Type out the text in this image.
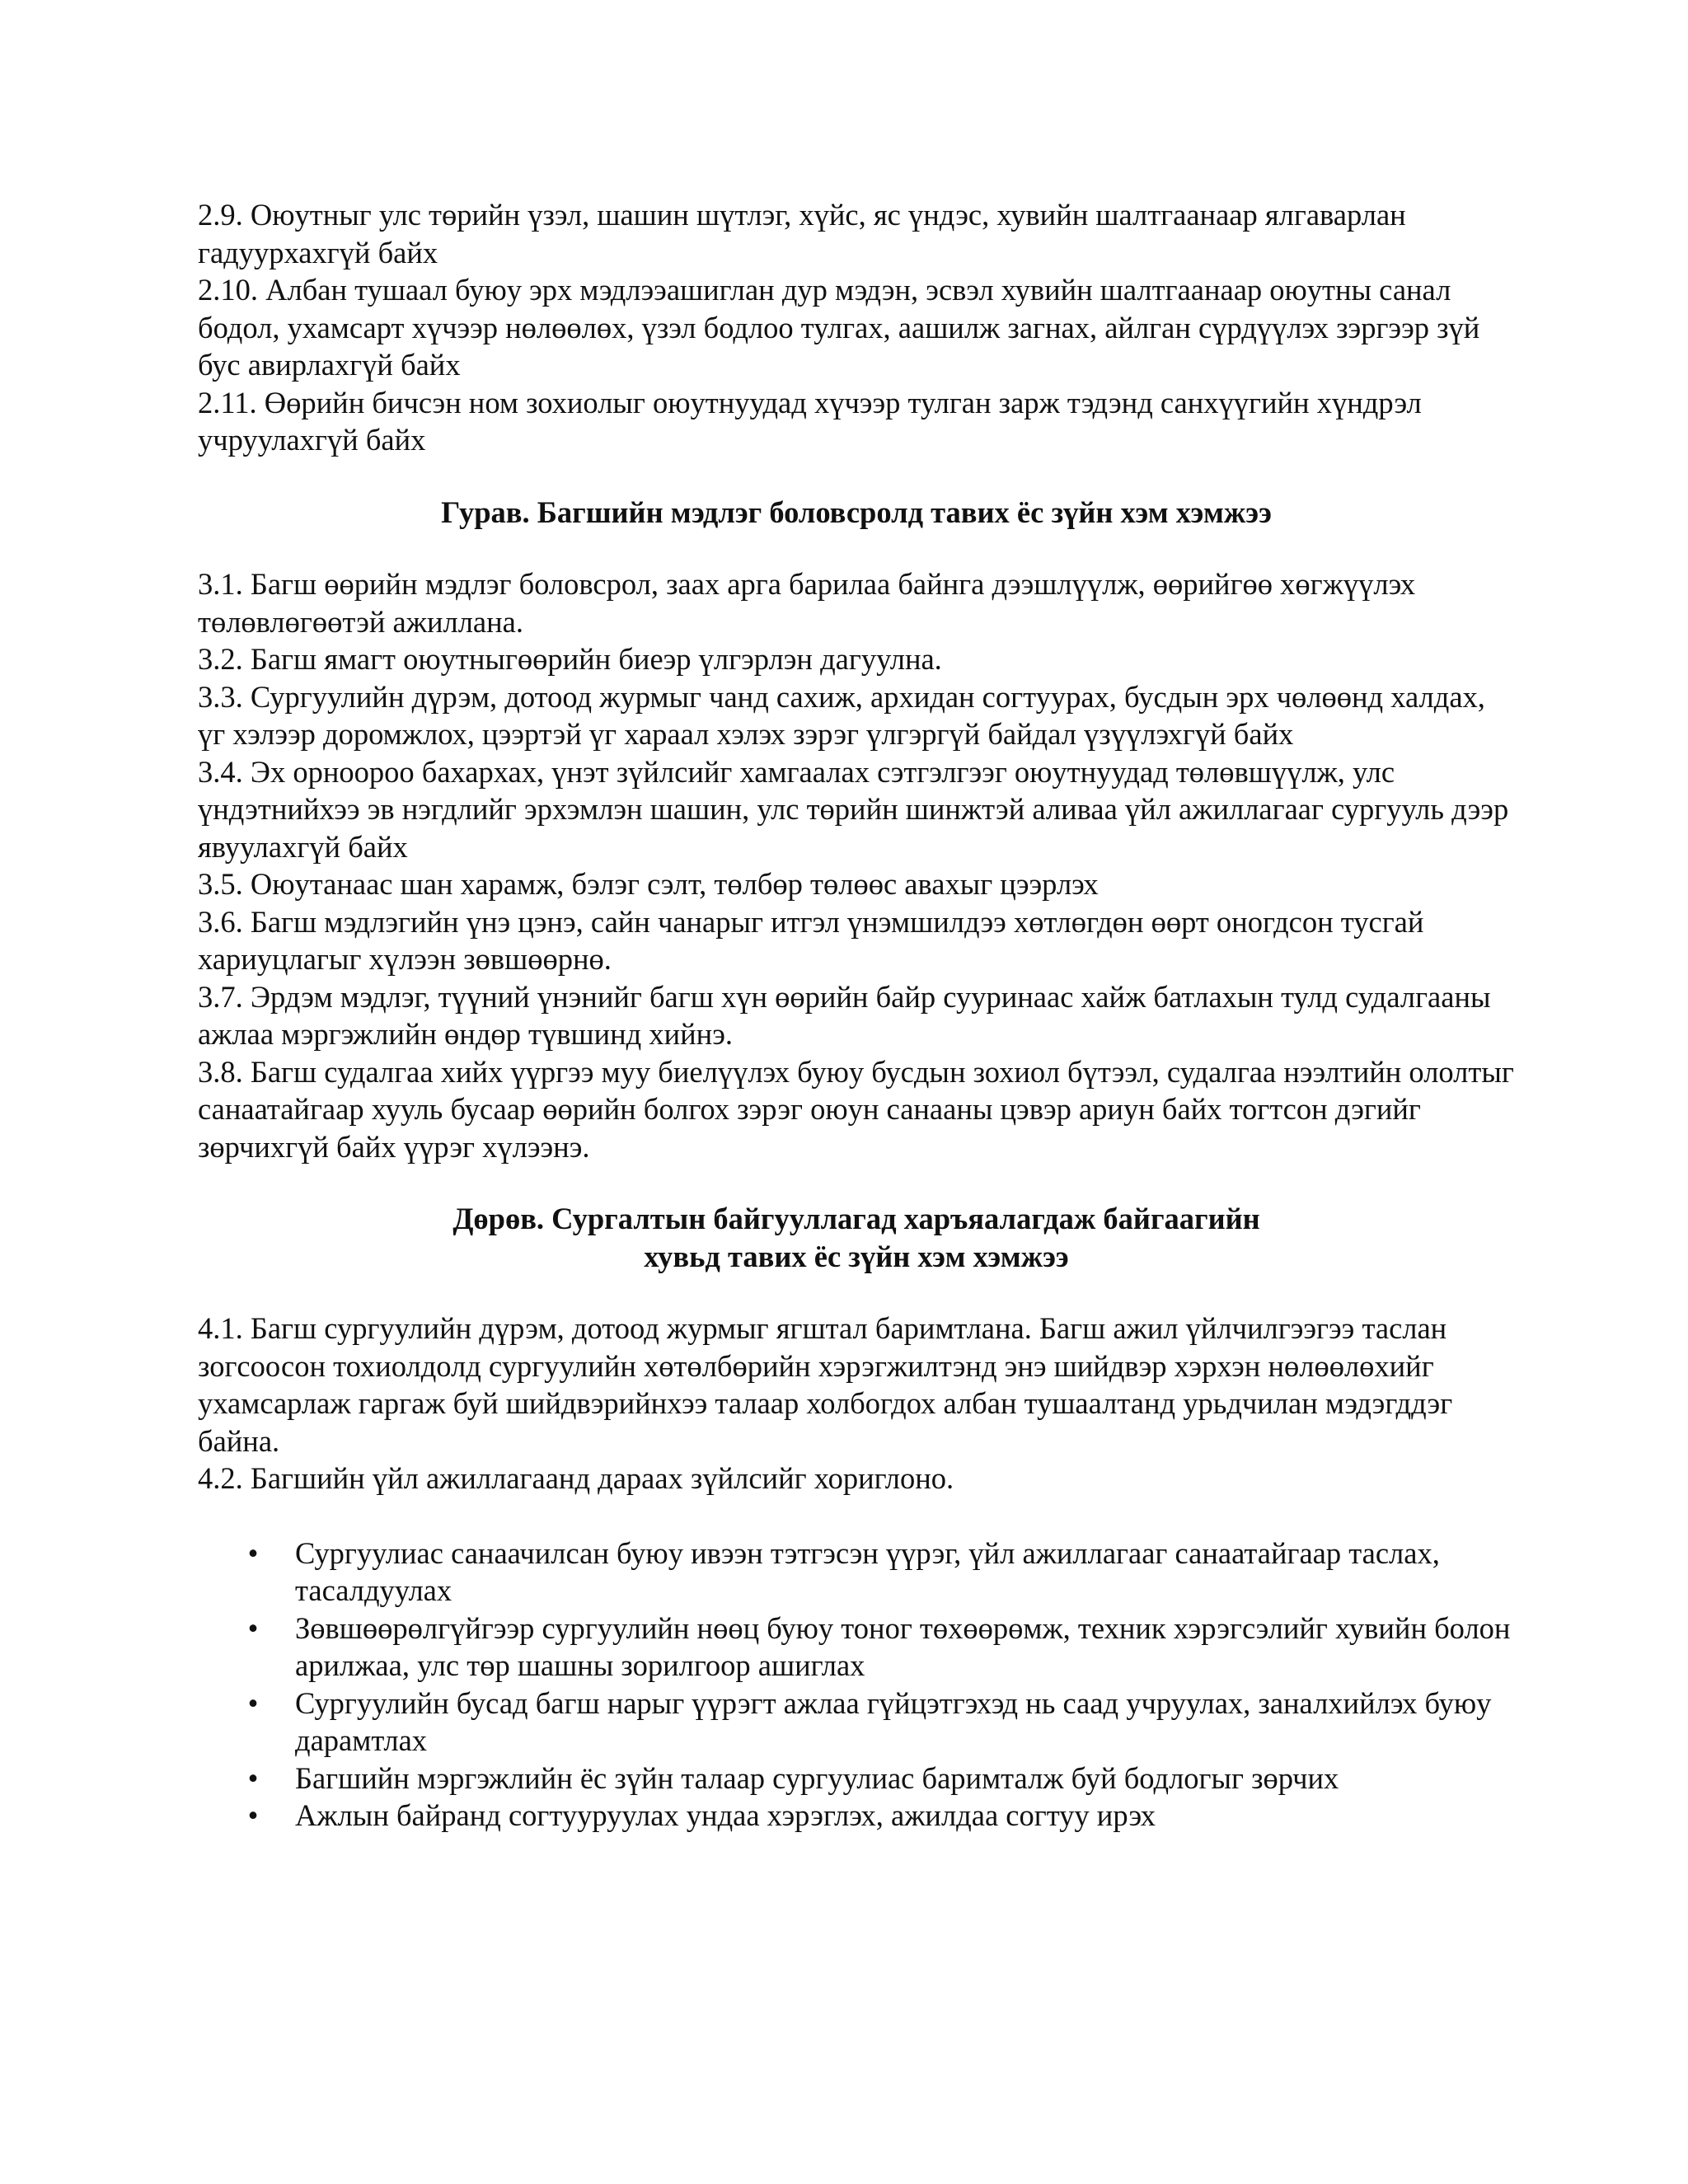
2.9. Оюутныг улс төрийн үзэл, шашин шүтлэг, хүйс, яс үндэс, хувийн шалтгаанаар ялгаварлан гадуурхахгүй байх

2.10. Албан тушаал буюу эрх мэдлээашиглан дур мэдэн, эсвэл хувийн шалтгаанаар оюутны санал бодол, ухамсарт хүчээр нөлөөлөх, үзэл бодлоо тулгах, аашилж загнах, айлган сүрдүүлэх зэргээр зүй бус авирлахгүй байх

2.11. Өөрийн бичсэн ном зохиолыг оюутнуудад хүчээр тулган зарж тэдэнд санхүүгийн хүндрэл учруулахгүй байх

Гурав. Багшийн мэдлэг боловсролд тавих ёс зүйн хэм хэмжээ

3.1. Багш өөрийн мэдлэг боловсрол, заах арга барилаа байнга дээшлүүлж, өөрийгөө хөгжүүлэх төлөвлөгөөтэй ажиллана.

3.2. Багш ямагт оюутныгөөрийн биеэр үлгэрлэн дагуулна.

3.3. Сургуулийн дүрэм, дотоод журмыг чанд сахиж, архидан согтуурах, бусдын эрх чөлөөнд халдах, үг хэлээр доромжлох, цээртэй үг хараал хэлэх зэрэг үлгэргүй байдал үзүүлэхгүй байх

3.4. Эх орноороо бахархах, үнэт зүйлсийг хамгаалах сэтгэлгээг оюутнуудад төлөвшүүлж, улс үндэтнийхээ эв нэгдлийг эрхэмлэн шашин, улс төрийн шинжтэй аливаа үйл ажиллагааг сургууль дээр явуулахгүй байх

3.5. Оюутанаас шан харамж, бэлэг сэлт, төлбөр төлөөс авахыг цээрлэх

3.6. Багш мэдлэгийн үнэ цэнэ, сайн чанарыг итгэл үнэмшилдээ хөтлөгдөн өөрт оногдсон тусгай хариуцлагыг хүлээн зөвшөөрнө.

3.7. Эрдэм мэдлэг, түүний үнэнийг багш хүн өөрийн байр сууринаас хайж батлахын тулд судалгааны ажлаа мэргэжлийн өндөр түвшинд хийнэ.

3.8. Багш судалгаа хийх үүргээ муу биелүүлэх буюу бусдын зохиол бүтээл, судалгаа нээлтийн ололтыг санаатайгаар хууль бусаар өөрийн болгох зэрэг оюун санааны цэвэр ариун байх тогтсон дэгийг зөрчихгүй байх үүрэг хүлээнэ.

Дөрөв. Сургалтын байгууллагад харъяалагдаж байгаагийн

хувьд тавих ёс зүйн хэм хэмжээ

4.1. Багш сургуулийн дүрэм, дотоод журмыг ягштал баримтлана. Багш ажил үйлчилгээгээ таслан зогсоосон тохиолдолд сургуулийн хөтөлбөрийн хэрэгжилтэнд энэ шийдвэр хэрхэн нөлөөлөхийг ухамсарлаж гаргаж буй шийдвэрийнхээ талаар холбогдох албан тушаалтанд урьдчилан мэдэгддэг байна.

4.2. Багшийн үйл ажиллагаанд дараах зүйлсийг хориглоно.

• Сургуулиас санаачилсан буюу ивээн тэтгэсэн үүрэг, үйл ажиллагааг санаатайгаар таслах, тасалдуулах
• Зөвшөөрөлгүйгээр сургуулийн нөөц буюу тоног төхөөрөмж, техник хэрэгсэлийг хувийн болон арилжаа, улс төр шашны зорилгоор ашиглах
• Сургуулийн бусад багш нарыг үүрэгт ажлаа гүйцэтгэхэд нь саад учруулах, заналхийлэх буюу дарамтлах
• Багшийн мэргэжлийн ёс зүйн талаар сургуулиас баримталж буй бодлогыг зөрчих
• Ажлын байранд согтууруулах ундаа хэрэглэх, ажилдаа согтуу ирэх
